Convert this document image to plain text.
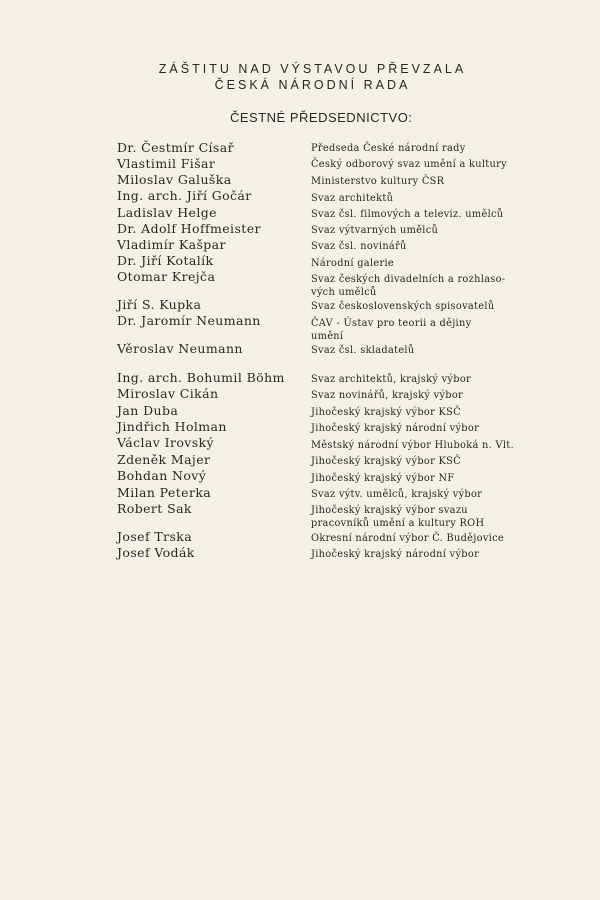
ZÁŠTITU NAD VÝSTAVOU PŘEVZALA
ČESKÁ NÁRODNÍ RADA
ČESTNÉ PŘEDSEDNICTVO:
Dr. Čestmír Císař	Předseda České národní rady
Vlastimil Fišar	Český odborový svaz umění a kultury
Miloslav Galuška	Ministerstvo kultury ČSR
Ing. arch. Jiří Gočár	Svaz architektů
Ladislav Helge	Svaz čsl. filmových a televiz. umělců
Dr. Adolf Hoffmeister	Svaz výtvarných umělců
Vladimír Kašpar	Svaz čsl. novinářů
Dr. Jiří Kotalík	Národní galerie
Otomar Krejča	Svaz českých divadelních a rozhlaso-
vých umělců
Jiří S. Kupka	Svaz československých spisovatelů
Dr. Jaromír Neumann	ČAV - Ústav pro teorii a dějiny
umění
Věroslav Neumann	Svaz čsl. skladatelů
Ing. arch. Bohumil Böhm	Svaz architektů, krajský výbor
Miroslav Cikán	Svaz novinářů, krajský výbor
Jan Duba	Jihočeský krajský výbor KSČ
Jindřich Holman	Jihočeský krajský národní výbor
Václav Irovský	Městský národní výbor Hluboká n. Vlt.
Zdeněk Majer	Jihočeský krajský výbor KSČ
Bohdan Nový	Jihočeský krajský výbor NF
Milan Peterka	Svaz výtv. umělců, krajský výbor
Robert Sak	Jihočeský krajský výbor svazu
pracovníků umění a kultury ROH
Josef Trska	Okresní národní výbor Č. Budějovice
Josef Vodák	Jihočeský krajský národní výbor
